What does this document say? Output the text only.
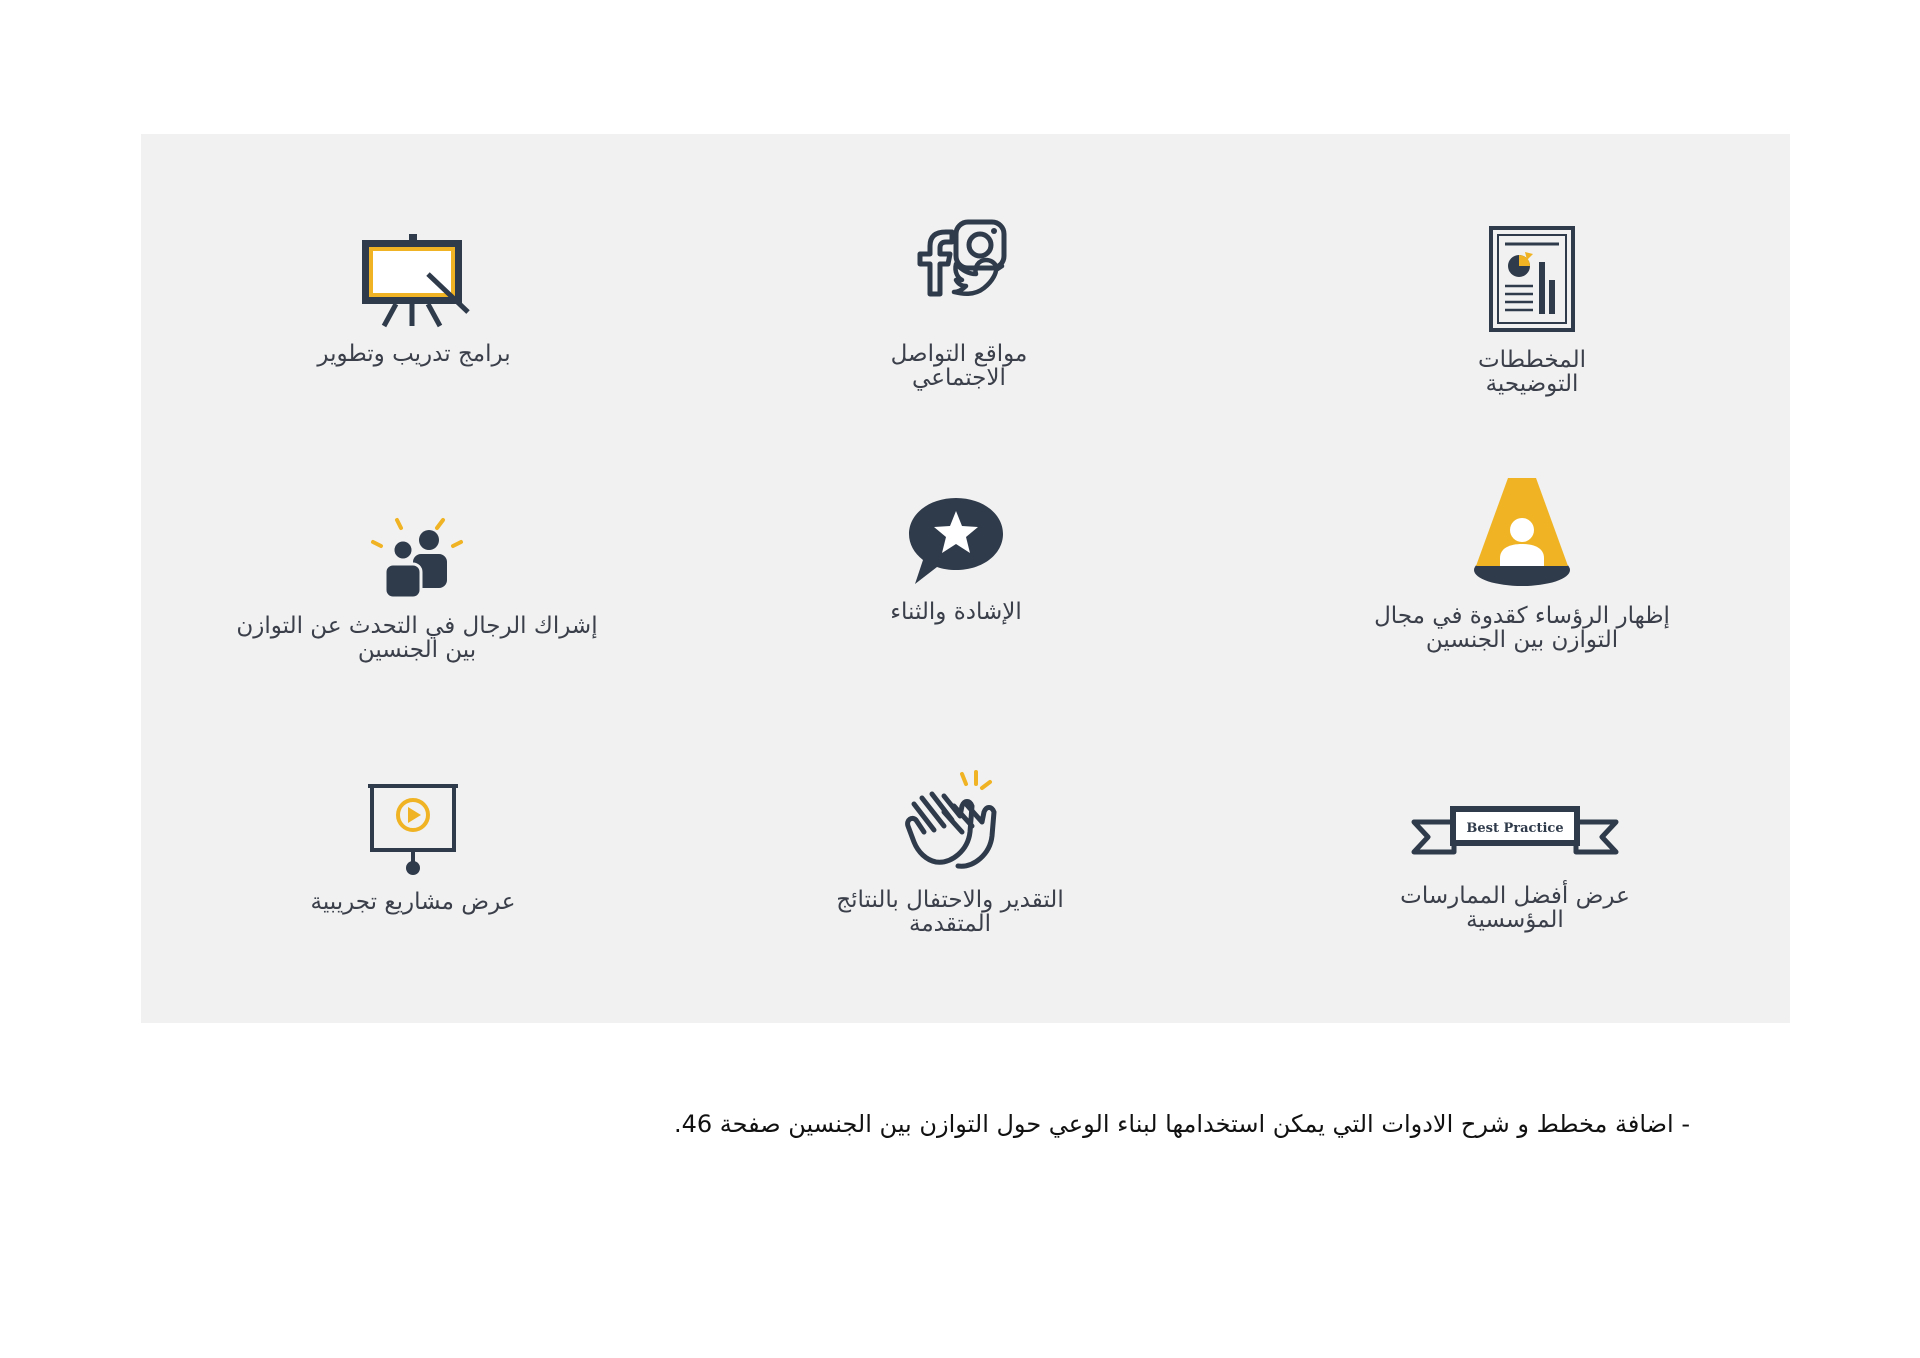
المخططات
التوضيحية
مواقع التواصل
الاجتماعي
برامج تدريب وتطوير
إظهار الرؤساء كقدوة في مجال
التوازن بين الجنسين
الإشادة والثناء
إشراك الرجال في التحدث عن التوازن
بين الجنسين
Best Practice
عرض أفضل الممارسات
المؤسسية
التقدير والاحتفال بالنتائج
المتقدمة
عرض مشاريع تجريبية
- اضافة مخطط و شرح الادوات التي يمكن استخدامها لبناء الوعي حول التوازن بين الجنسين صفحة 46.
